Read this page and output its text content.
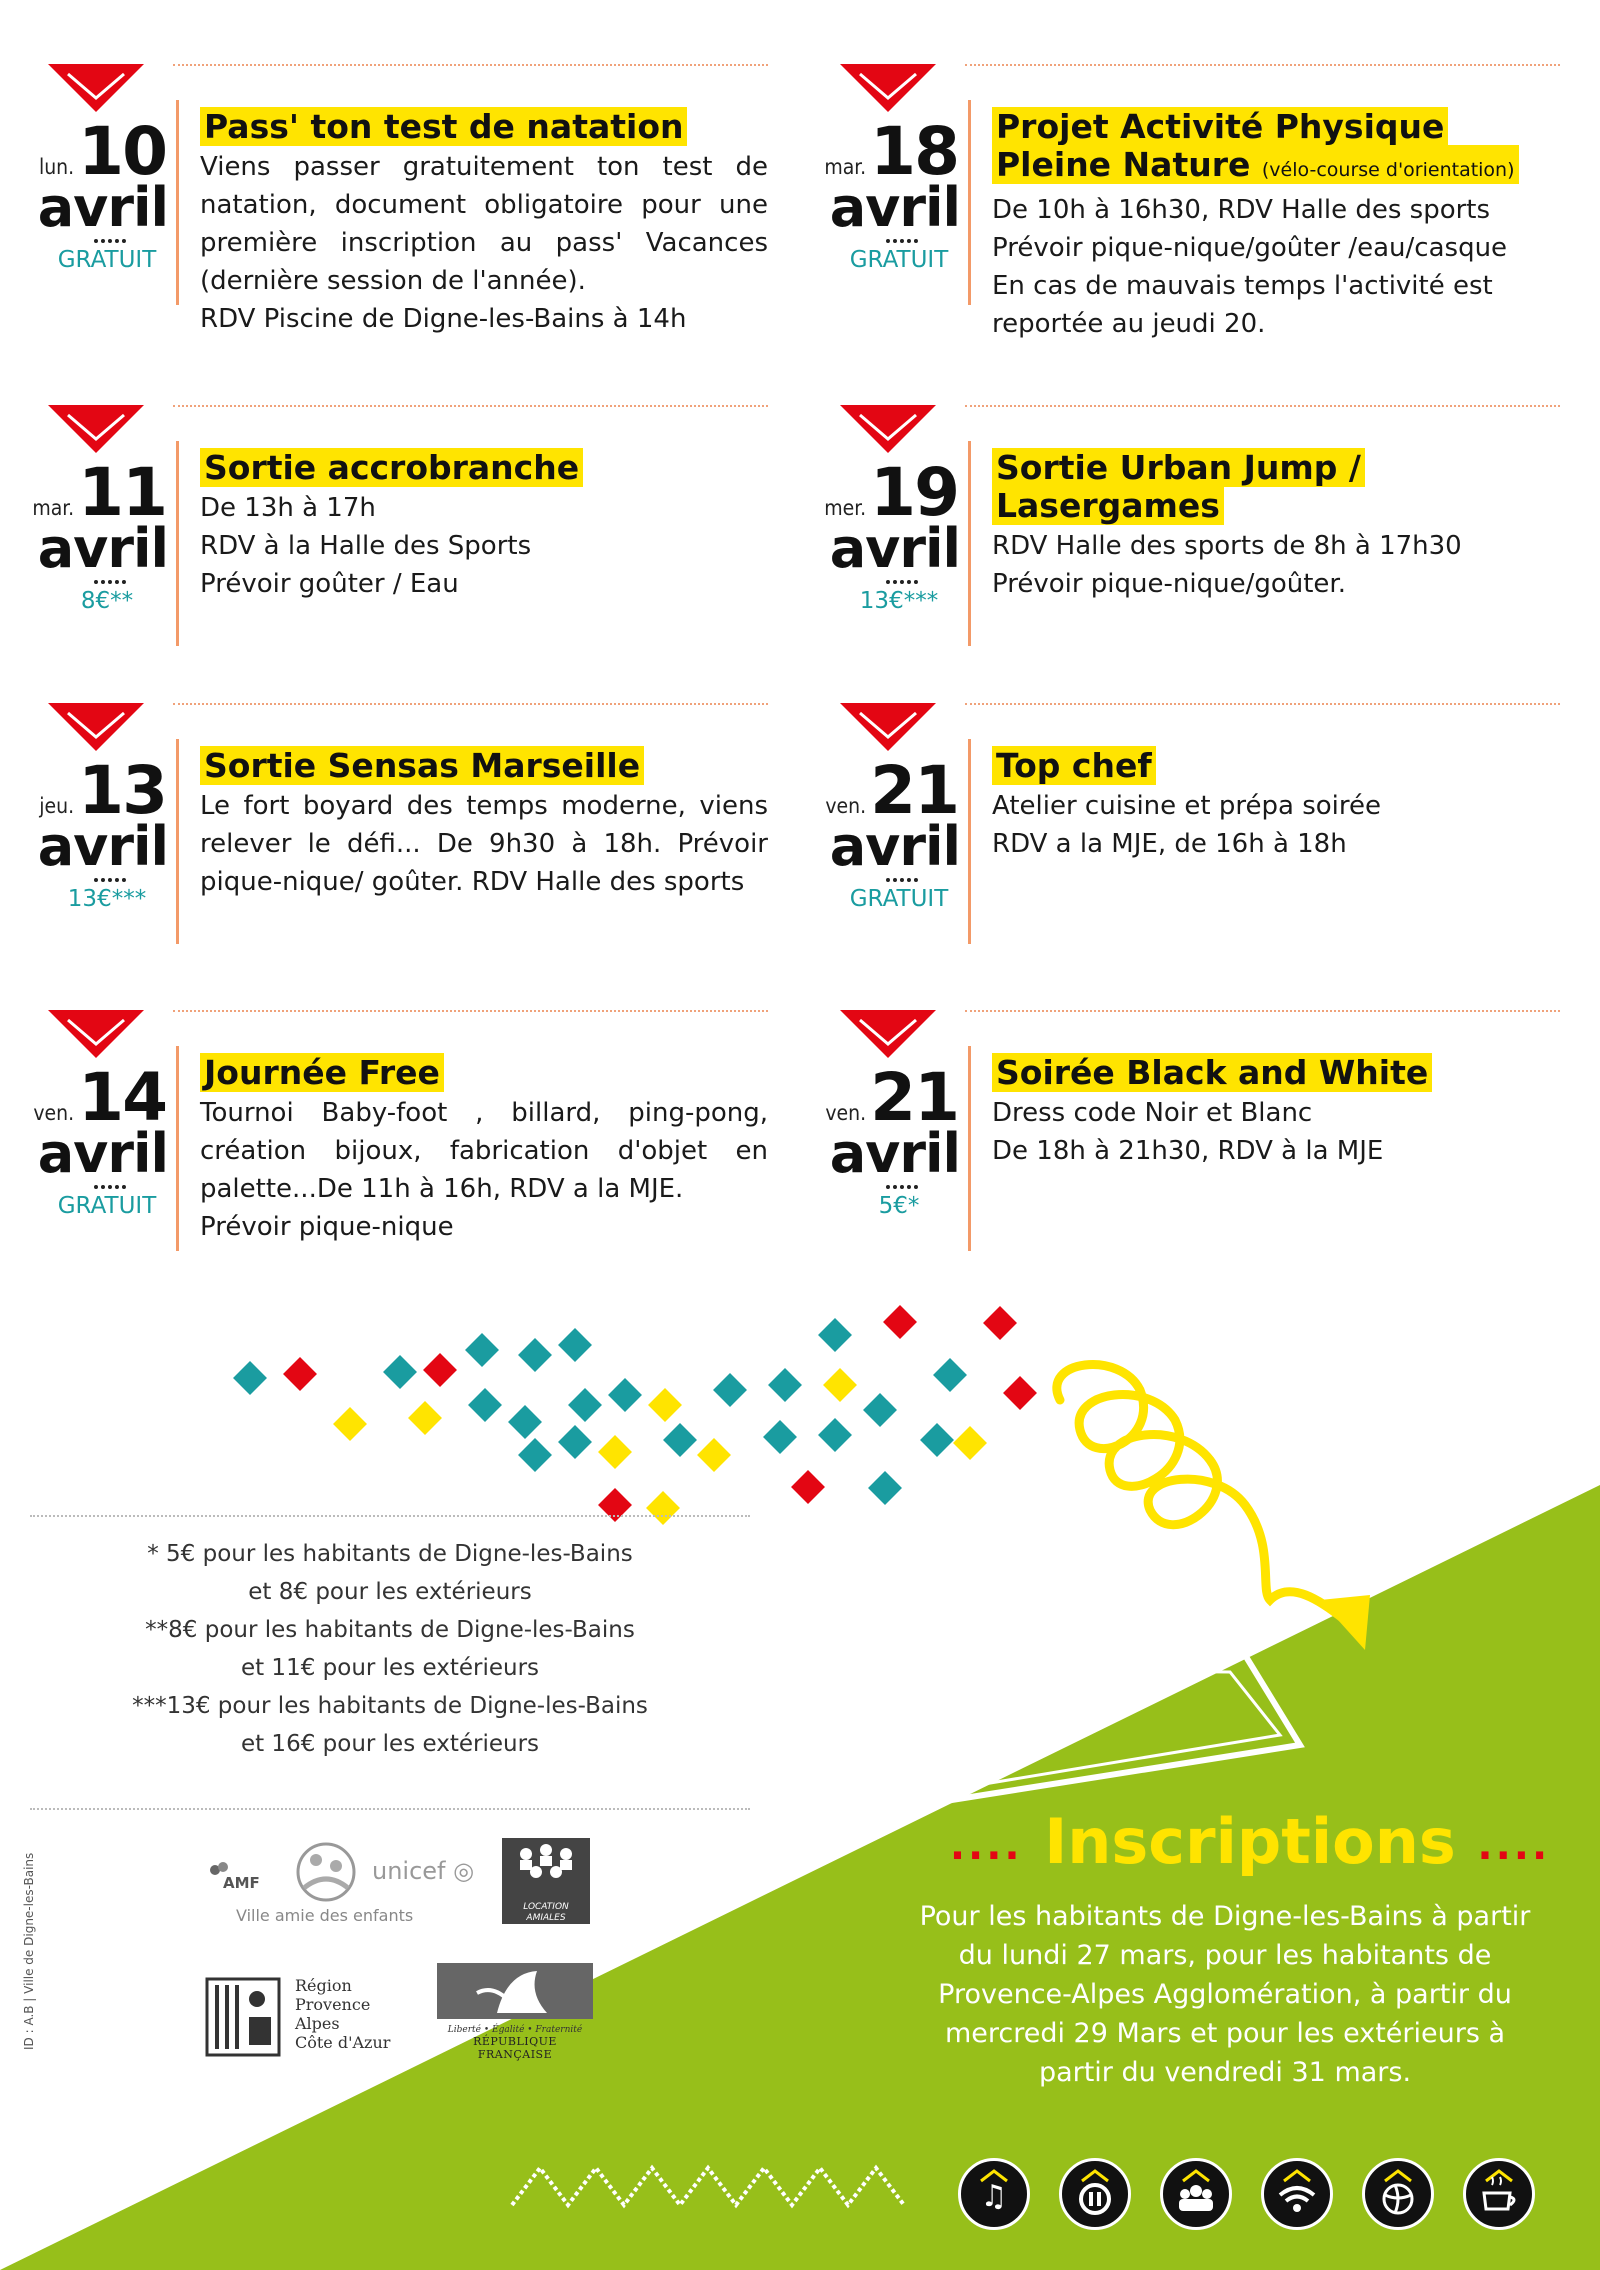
lun.10
avril
GRATUIT
Pass' ton test de natation
Viens passer gratuitement ton test de natation, document obligatoire pour une première inscription au pass' Vacances (dernière session de l'année).
RDV Piscine de Digne-les-Bains à 14h
mar.18
avril
GRATUIT
Projet Activité Physique Pleine Nature (vélo-course d'orientation)
De 10h à 16h30, RDV Halle des sports
Prévoir pique-nique/goûter /eau/casque
En cas de mauvais temps l'activité est reportée au jeudi 20.
mar.11
avril
8€**
Sortie accrobranche
De 13h à 17h
RDV à la Halle des Sports
Prévoir goûter / Eau
mer.19
avril
13€***
Sortie Urban Jump / Lasergames
RDV Halle des sports de 8h à 17h30
Prévoir pique-nique/goûter.
jeu.13
avril
13€***
Sortie Sensas Marseille
Le fort boyard des temps moderne, viens relever le défi... De 9h30 à 18h. Prévoir pique-nique/ goûter. RDV Halle des sports
ven.21
avril
GRATUIT
Top chef
Atelier cuisine et prépa soirée
RDV a la MJE, de 16h à 18h
ven.14
avril
GRATUIT
Journée Free
Tournoi Baby-foot , billard, ping-pong, création bijoux, fabrication d'objet en palette...De 11h à 16h, RDV a la MJE.
Prévoir pique-nique
ven.21
avril
5€*
Soirée Black and White
Dress code Noir et Blanc
De 18h à 21h30, RDV à la MJE
* 5€ pour les habitants de Digne-les-Bains
et 8€ pour les extérieurs
**8€ pour les habitants de Digne-les-Bains
et 11€ pour les extérieurs
***13€ pour les habitants de Digne-les-Bains
et 16€ pour les extérieurs
AMF	unicef ◎
Ville amie des enfants	LOCATION AMIALES
Région
Provence
Alpes
Côte d'Azur
Liberté • Égalité • Fraternité
RÉPUBLIQUE FRANÇAISE
ID : A.B | Ville de Digne-les-Bains
.... Inscriptions ....
Pour les habitants de Digne-les-Bains à partir du lundi 27 mars, pour les habitants de Provence-Alpes Agglomération, à partir du mercredi 29 Mars et pour les extérieurs à partir du vendredi 31 mars.
♫
